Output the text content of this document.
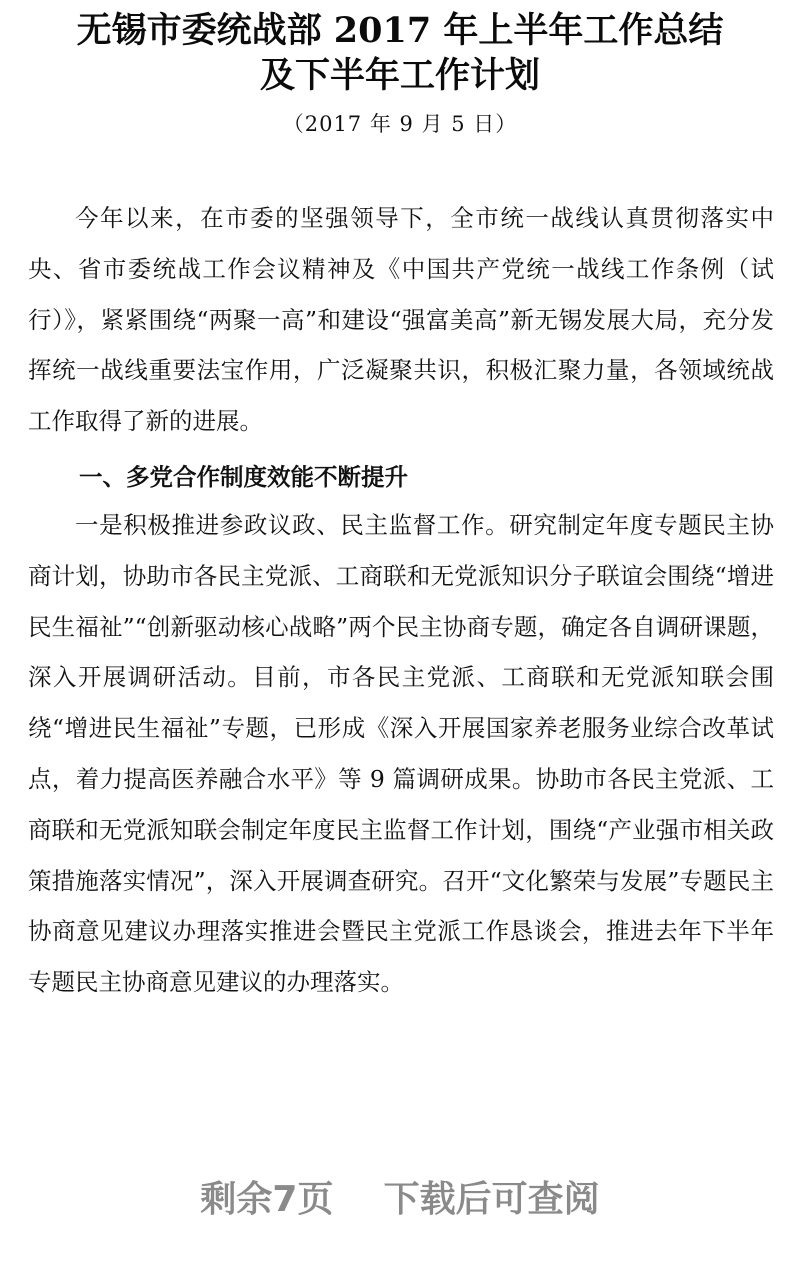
无锡市委统战部 2017 年上半年工作总结
及下半年工作计划
（2017 年 9 月 5 日）

今年以来，在市委的坚强领导下，全市统一战线认真贯彻落实中央、省市委统战工作会议精神及《中国共产党统一战线工作条例（试行）》，紧紧围绕“两聚一高”和建设“强富美高”新无锡发展大局，充分发挥统一战线重要法宝作用，广泛凝聚共识，积极汇聚力量，各领域统战工作取得了新的进展。

一、多党合作制度效能不断提升

一是积极推进参政议政、民主监督工作。研究制定年度专题民主协商计划，协助市各民主党派、工商联和无党派知识分子联谊会围绕“增进民生福祉”“创新驱动核心战略”两个民主协商专题，确定各自调研课题，深入开展调研活动。目前，市各民主党派、工商联和无党派知联会围绕“增进民生福祉”专题，已形成《深入开展国家养老服务业综合改革试点，着力提高医养融合水平》等 9 篇调研成果。协助市各民主党派、工商联和无党派知联会制定年度民主监督工作计划，围绕“产业强市相关政策措施落实情况”，深入开展调查研究。召开“文化繁荣与发展”专题民主协商意见建议办理落实推进会暨民主党派工作恳谈会，推进去年下半年专题民主协商意见建议的办理落实。

剩余7页    下载后可查阅
